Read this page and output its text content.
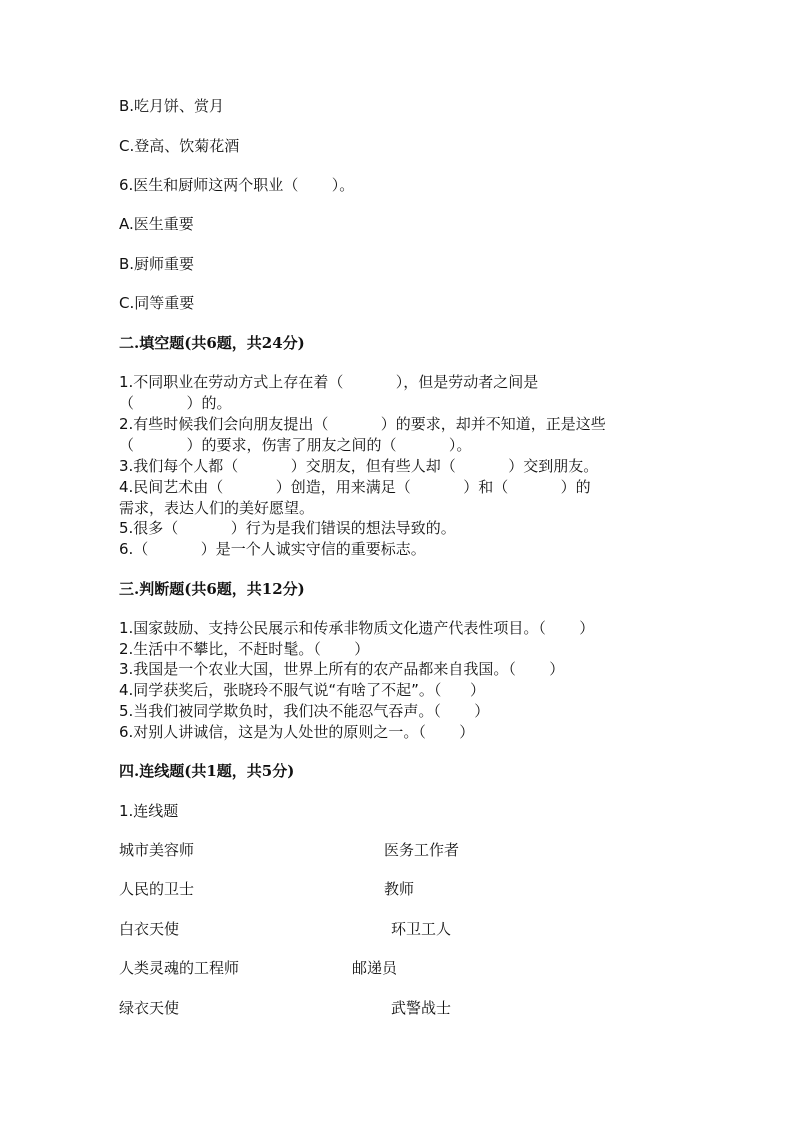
B.吃月饼、赏月
C.登高、饮菊花酒
6.医生和厨师这两个职业（       ）。
A.医生重要
B.厨师重要
C.同等重要
二.填空题(共6题，共24分)
1.不同职业在劳动方式上存在着（           ），但是劳动者之间是
（           ）的。
2.有些时候我们会向朋友提出（           ）的要求，却并不知道，正是这些
（           ）的要求，伤害了朋友之间的（           ）。
3.我们每个人都（           ）交朋友，但有些人却（           ）交到朋友。
4.民间艺术由（           ）创造，用来满足（           ）和（           ）的
需求，表达人们的美好愿望。
5.很多（           ）行为是我们错误的想法导致的。
6.（           ）是一个人诚实守信的重要标志。
三.判断题(共6题，共12分)
1.国家鼓励、支持公民展示和传承非物质文化遗产代表性项目。（       ）
2.生活中不攀比，不赶时髦。（       ）
3.我国是一个农业大国，世界上所有的农产品都来自我国。（       ）
4.同学获奖后，张晓玲不服气说“有啥了不起”。（      ）
5.当我们被同学欺负时，我们决不能忍气吞声。（       ）
6.对别人讲诚信，这是为人处世的原则之一。（       ）
四.连线题(共1题，共5分)
1.连线题
城市美容师	医务工作者
人民的卫士	教师
白衣天使	环卫工人
人类灵魂的工程师	邮递员
绿衣天使	武警战士
